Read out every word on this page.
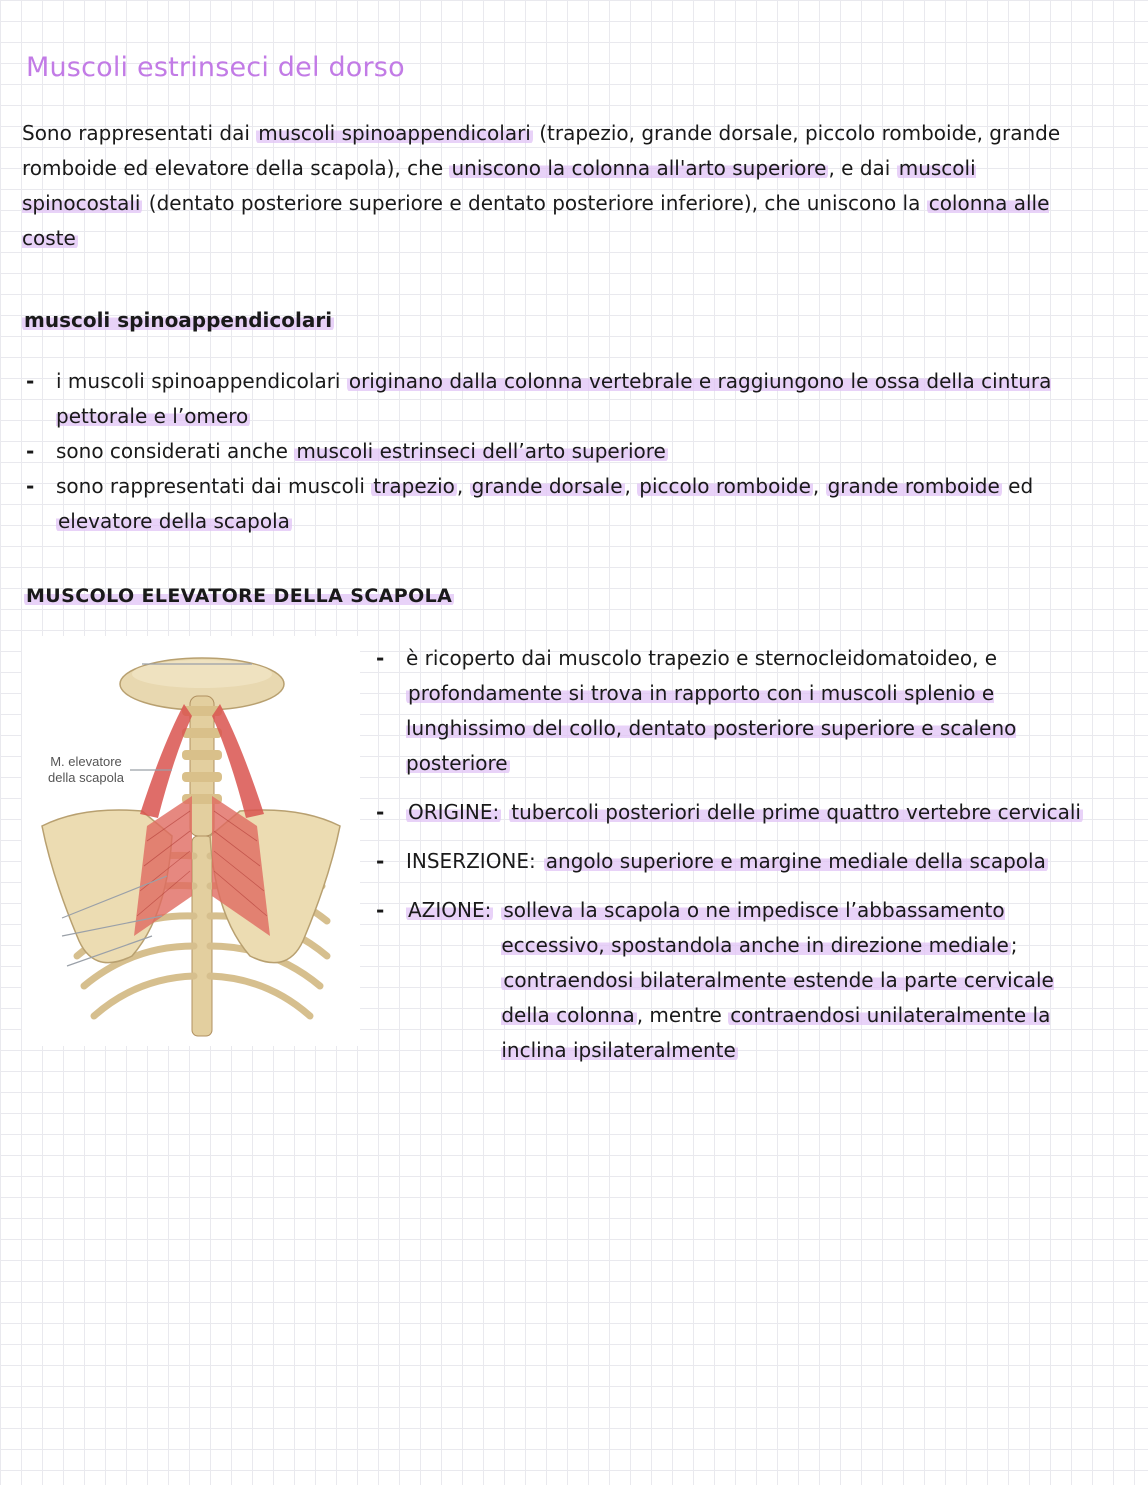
Muscoli estrinseci del dorso

Sono rappresentati dai muscoli spinoappendicolari (trapezio, grande dorsale, piccolo romboide, grande romboide ed elevatore della scapola), che uniscono la colonna all'arto superiore , e dai muscoli spinocostali (dentato posteriore superiore e dentato posteriore inferiore), che uniscono la colonna alle coste

muscoli spinoappendicolari
- i muscoli spinoappendicolari originano dalla colonna vertebrale e raggiungono le ossa della cintura pettorale e l’omero
- sono considerati anche muscoli estrinseci dell’arto superiore
- sono rappresentati dai muscoli trapezio , grande dorsale , piccolo romboide , grande romboide ed elevatore della scapola
MUSCOLO ELEVATORE DELLA SCAPOLA
M. elevatore della scapola
- è ricoperto dai muscolo trapezio e sternocleidomatoideo, e profondamente si trova in rapporto con i muscoli splenio e lunghissimo del collo, dentato posteriore superiore e scaleno posteriore
- ORIGINE: tubercoli posteriori delle prime quattro vertebre cervicali
- INSERZIONE: angolo superiore e margine mediale della scapola
- AZIONE: solleva la scapola o ne impedisce l’abbassamento eccessivo, spostandola anche in direzione mediale ; contraendosi bilateralmente estende la parte cervicale della colonna , mentre contraendosi unilateralmente la inclina ipsilateralmente
